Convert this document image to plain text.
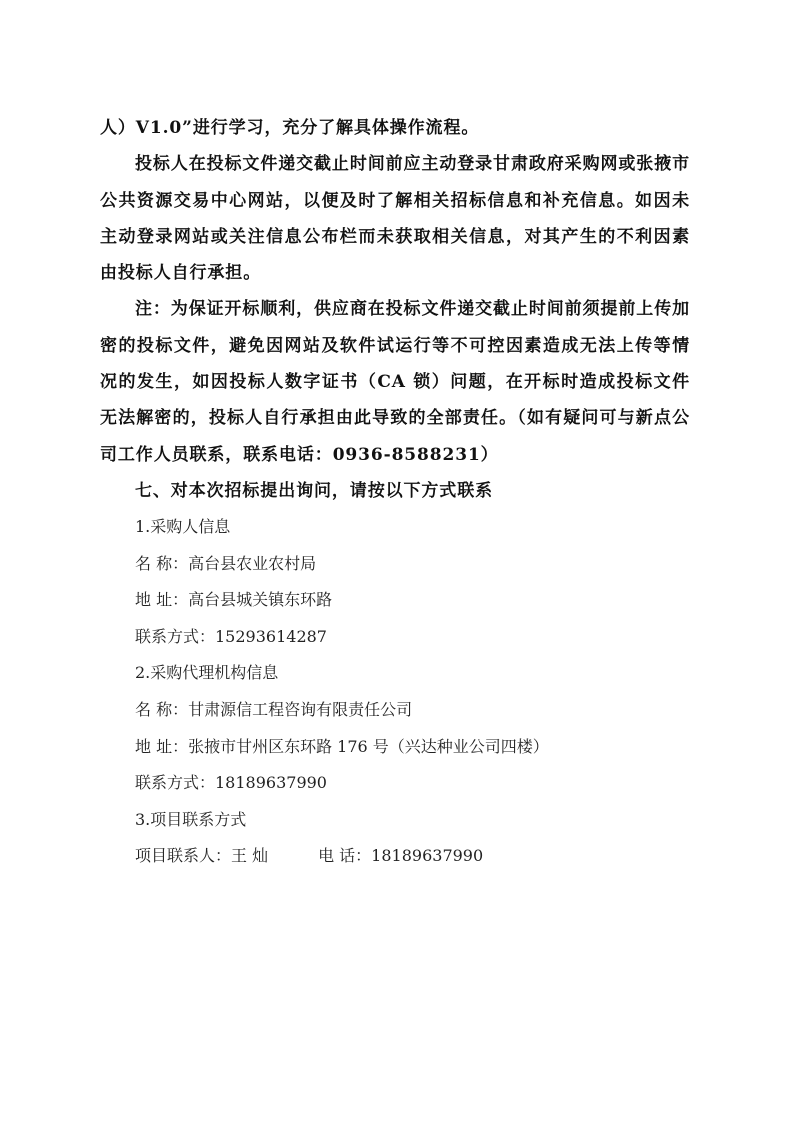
人）V1.0”进行学习，充分了解具体操作流程。

投标人在投标文件递交截止时间前应主动登录甘肃政府采购网或张掖市公共资源交易中心网站，以便及时了解相关招标信息和补充信息。如因未主动登录网站或关注信息公布栏而未获取相关信息，对其产生的不利因素由投标人自行承担。

注：为保证开标顺利，供应商在投标文件递交截止时间前须提前上传加密的投标文件，避免因网站及软件试运行等不可控因素造成无法上传等情况的发生，如因投标人数字证书（CA 锁）问题，在开标时造成投标文件无法解密的，投标人自行承担由此导致的全部责任。（如有疑问可与新点公司工作人员联系，联系电话：0936-8588231）

七、对本次招标提出询问，请按以下方式联系

1.采购人信息
名 称：高台县农业农村局
地 址：高台县城关镇东环路
联系方式：15293614287
2.采购代理机构信息
名 称：甘肃源信工程咨询有限责任公司
地 址：张掖市甘州区东环路 176 号（兴达种业公司四楼）
联系方式：18189637990
3.项目联系方式
项目联系人：王 灿	电 话：18189637990
